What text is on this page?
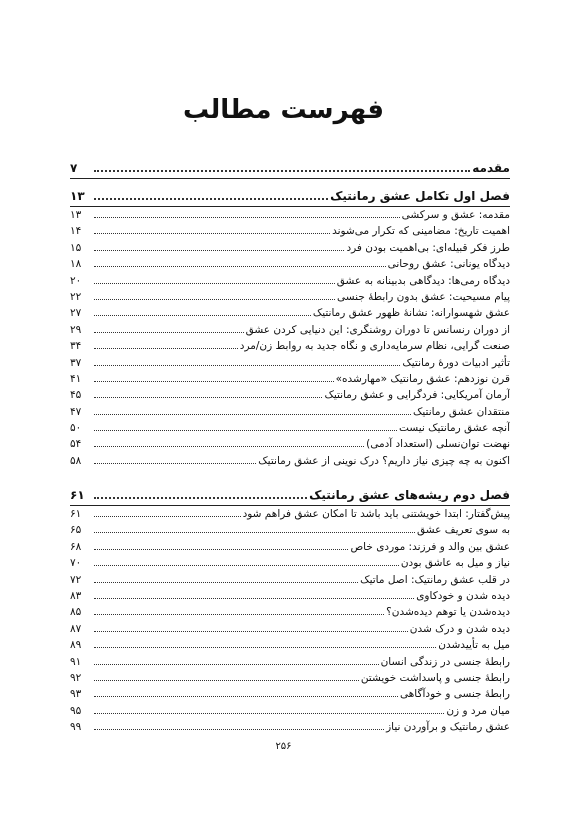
فهرست مطالب
مقدمه
۷
فصل اول تکامل عشق رمانتیک
۱۳
مقدمه: عشق و سرکشی
۱۳
اهمیت تاریخ: مضامینی که تکرار می‌شوند
۱۴
طرز فکر قبیله‌ای: بی‌اهمیت بودن فرد
۱۵
دیدگاه یونانی: عشق روحانی
۱۸
دیدگاه رمی‌ها: دیدگاهی بدبینانه به عشق
۲۰
پیام مسیحیت: عشق بدون رابطهٔ جنسی
۲۲
عشق شهسوارانه: نشانهٔ ظهور عشق رمانتیک
۲۷
از دوران رنسانس تا دوران روشنگری: این دنیایی کردن عشق
۲۹
صنعت گرایی، نظام سرمایه‌داری و نگاه جدید به روابط زن/مرد
۳۴
تأثیر ادبیات دورهٔ رمانتیک
۳۷
قرن نوزدهم: عشق رمانتیک «مهارشده»
۴۱
آرمان آمریکایی: فردگرایی و عشق رمانتیک
۴۵
منتقدان عشق رمانتیک
۴۷
آنچه عشق رمانتیک نیست
۵۰
نهضت توان‌نسلی (استعداد آدمی)
۵۴
اکنون به چه چیزی نیاز داریم؟ درک نوینی از عشق رمانتیک
۵۸
فصل دوم ریشه‌های عشق رمانتیک
۶۱
پیش‌گفتار: ابتدا خویشتنی باید باشد تا امکان عشق فراهم شود
۶۱
به سوی تعریف عشق
۶۵
عشق بین والد و فرزند: موردی خاص
۶۸
نیاز و میل به عاشق بودن
۷۰
در قلب عشق رمانتیک: اصل ماتیک
۷۲
دیده شدن و خودکاوی
۸۳
دیده‌شدن یا توهم دیده‌شدن؟
۸۵
دیده شدن و درک شدن
۸۷
میل به تأییدشدن
۸۹
رابطهٔ جنسی در زندگی انسان
۹۱
رابطهٔ جنسی و پاسداشت خویشتن
۹۲
رابطهٔ جنسی و خودآگاهی
۹۳
میان مرد و زن
۹۵
عشق رمانتیک و برآوردن نیاز
۹۹
۲۵۶
